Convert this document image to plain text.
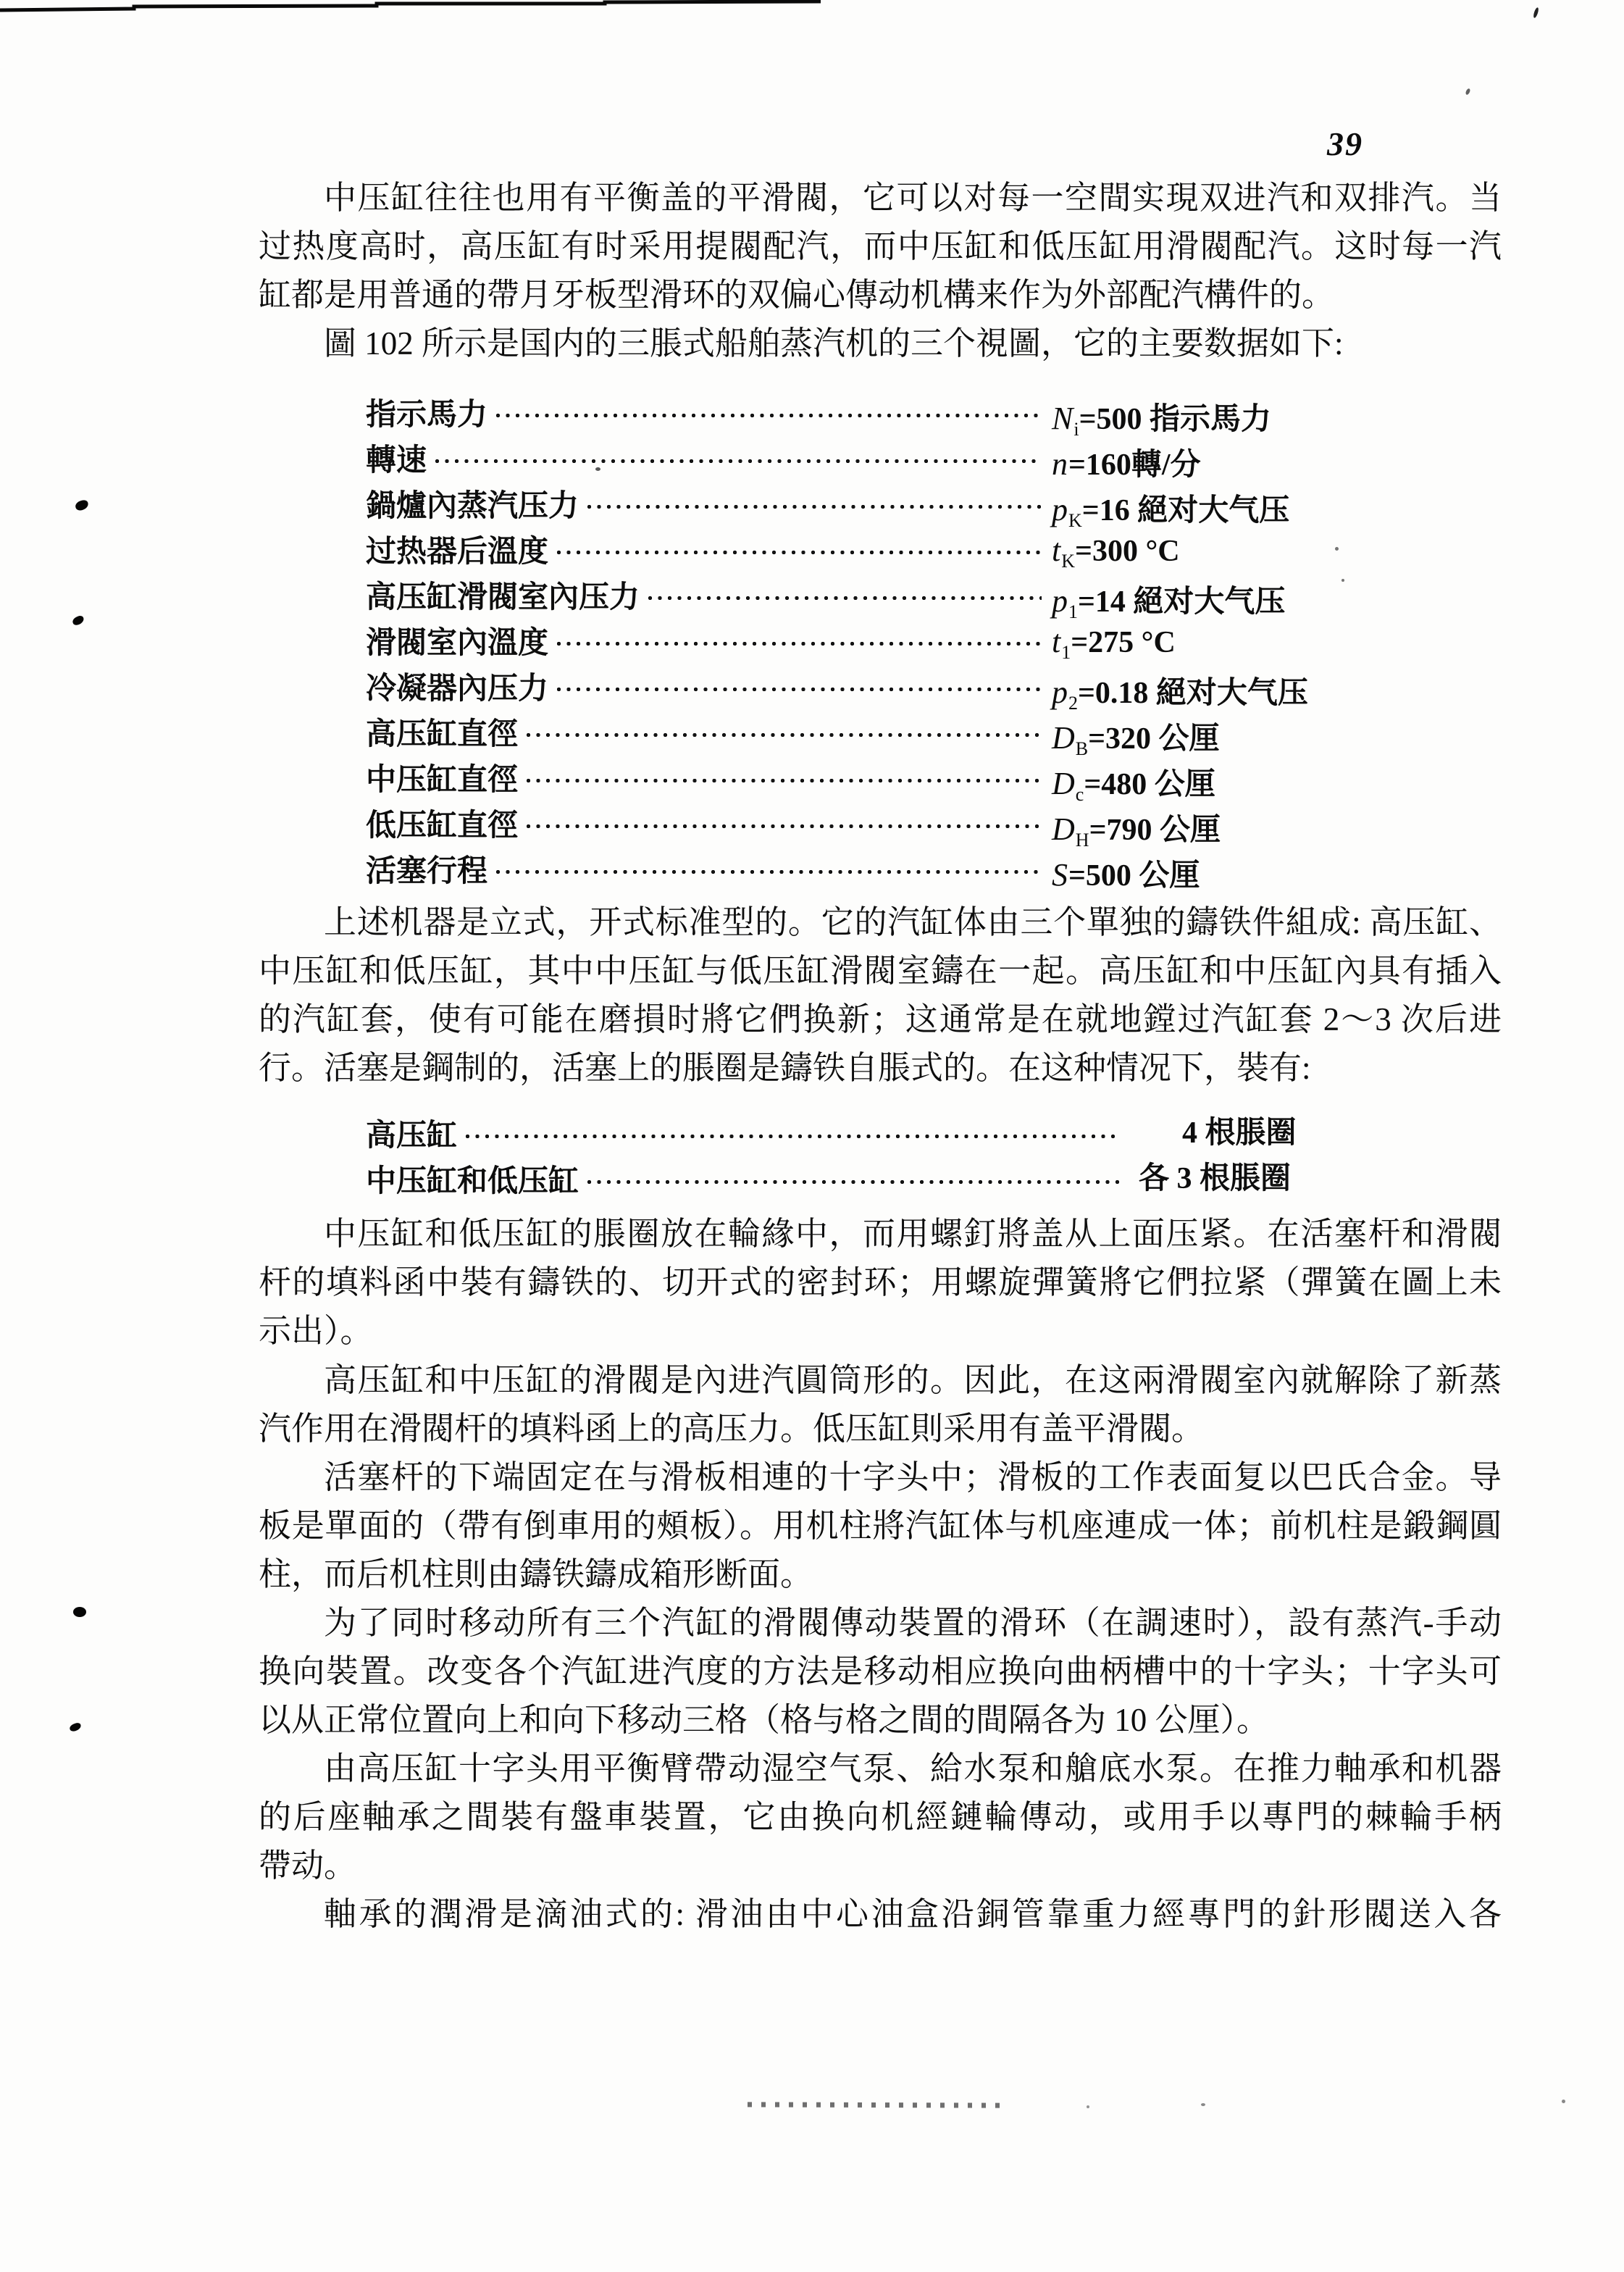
39
中压缸往往也用有平衡盖的平滑閥，它可以对每一空間实現双进汽和双排汽。当
过热度高时，高压缸有时采用提閥配汽，而中压缸和低压缸用滑閥配汽。这时每一汽
缸都是用普通的帶月牙板型滑环的双偏心傳动机構来作为外部配汽構件的。
圖 102 所示是国内的三脹式船舶蒸汽机的三个視圖，它的主要数据如下:
指示馬力	N i =500 指示馬力
轉速	n =160轉/分
鍋爐內蒸汽压力	p K =16 絕对大气压
过热器后溫度	t K =300 °C
高压缸滑閥室內压力	p 1 =14 絕对大气压
滑閥室內溫度	t 1 =275 °C
冷凝器內压力	p 2 =0.18 絕对大气压
高压缸直徑	D B =320 公厘
中压缸直徑	D c =480 公厘
低压缸直徑	D H =790 公厘
活塞行程	S =500 公厘
上述机器是立式，开式标准型的。它的汽缸体由三个單独的鑄铁件組成: 高压缸、
中压缸和低压缸，其中中压缸与低压缸滑閥室鑄在一起。高压缸和中压缸內具有插入
的汽缸套，使有可能在磨損时將它們换新；这通常是在就地鏜过汽缸套 2～3 次后进
行。活塞是鋼制的，活塞上的脹圈是鑄铁自脹式的。在这种情况下，裝有:
高压缸	4 根脹圈
中压缸和低压缸	各 3 根脹圈
中压缸和低压缸的脹圈放在輪緣中，而用螺釘將盖从上面压紧。在活塞杆和滑閥
杆的填料函中裝有鑄铁的、切开式的密封环；用螺旋彈簧將它們拉紧（彈簧在圖上未
示出）。
高压缸和中压缸的滑閥是內进汽圓筒形的。因此，在这兩滑閥室內就解除了新蒸
汽作用在滑閥杆的填料函上的高压力。低压缸則采用有盖平滑閥。
活塞杆的下端固定在与滑板相連的十字头中；滑板的工作表面复以巴氏合金。导
板是單面的（帶有倒車用的頰板）。用机柱將汽缸体与机座連成一体；前机柱是鍛鋼圓
柱，而后机柱則由鑄铁鑄成箱形断面。
为了同时移动所有三个汽缸的滑閥傳动裝置的滑环（在調速时），設有蒸汽-手动
换向裝置。改变各个汽缸进汽度的方法是移动相应换向曲柄槽中的十字头；十字头可
以从正常位置向上和向下移动三格（格与格之間的間隔各为 10 公厘）。
由高压缸十字头用平衡臂帶动湿空气泵、給水泵和艙底水泵。在推力軸承和机器
的后座軸承之間裝有盤車裝置，它由换向机經鏈輪傳动，或用手以專門的棘輪手柄
帶动。
軸承的潤滑是滴油式的: 滑油由中心油盒沿銅管靠重力經專門的針形閥送入各
